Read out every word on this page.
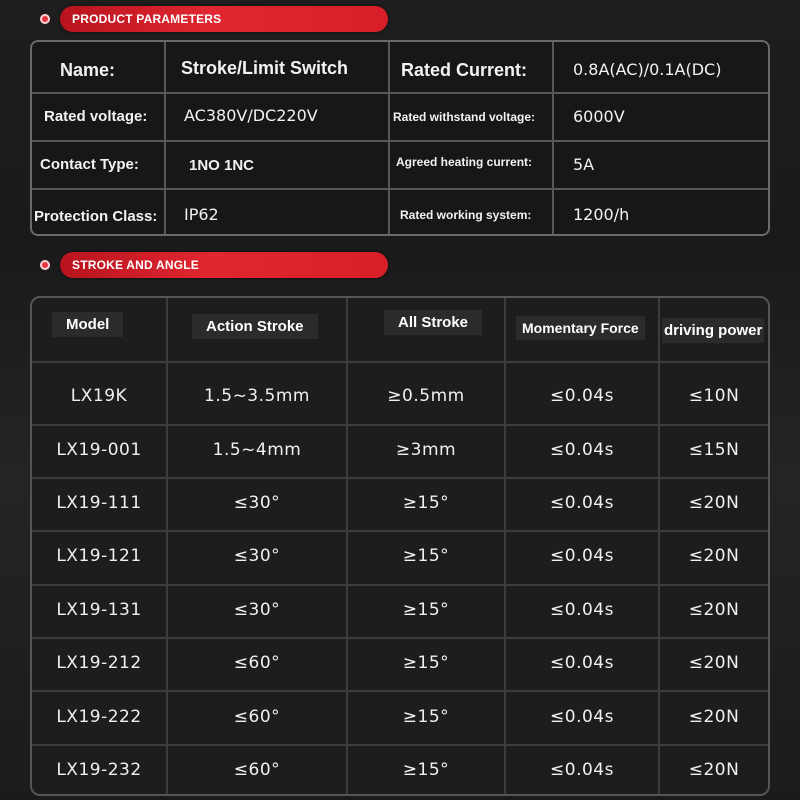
PRODUCT PARAMETERS
Name:	Stroke/Limit Switch	Rated Current:	0.8A(AC)/0.1A(DC)
Rated voltage: AC380V/DC220V	Rated withstand voltage: 6000V
Contact Type:	1NO 1NC	Agreed heating current:	5A
Protection Class: IP62	Rated working system:	1200/h
STROKE AND ANGLE
Model	Action Stroke	All Stroke	Momentary Force	driving power
LX19K	1.5~3.5mm	≥0.5mm	≤0.04s	≤10N
LX19-001	1.5~4mm	≥3mm	≤0.04s	≤15N
LX19-111	≤30°	≥15°	≤0.04s	≤20N
LX19-121	≤30°	≥15°	≤0.04s	≤20N
LX19-131	≤30°	≥15°	≤0.04s	≤20N
LX19-212	≤60°	≥15°	≤0.04s	≤20N
LX19-222	≤60°	≥15°	≤0.04s	≤20N
LX19-232	≤60°	≥15°	≤0.04s	≤20N
